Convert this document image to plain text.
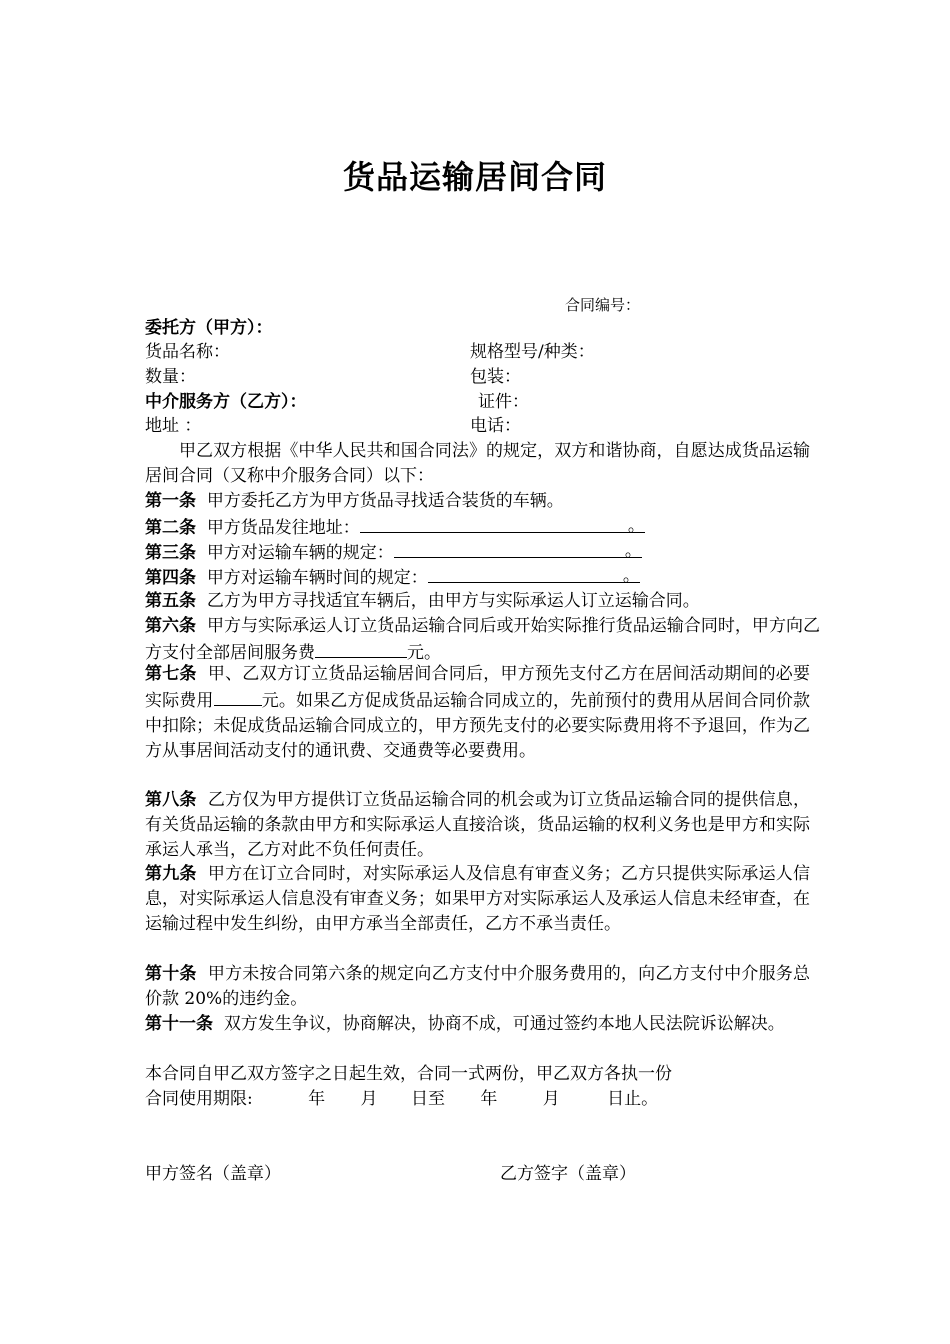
货品运输居间合同
合同编号：
委托方（甲方）：
货品名称：	规格型号/种类：
数量：	包装：
中介服务方（乙方）：	证件：
地址 ：	电话：
甲乙双方根据《中华人民共和国合同法》的规定，双方和谐协商，自愿达成货品运输居间合同（又称中介服务合同）以下：
第一条 甲方委托乙方为甲方货品寻找适合装货的车辆。
第二条 甲方货品发往地址：	。
第三条 甲方对运输车辆的规定：	。
第四条 甲方对运输车辆时间的规定：	。
第五条 乙方为甲方寻找适宜车辆后，由甲方与实际承运人订立运输合同。
第六条 甲方与实际承运人订立货品运输合同后或开始实际推行货品运输合同时，甲方向乙方支付全部居间服务费	元。
第七条 甲、乙双方订立货品运输居间合同后，甲方预先支付乙方在居间活动期间的必要实际费用	元。如果乙方促成货品运输合同成立的，先前预付的费用从居间合同价款中扣除；未促成货品运输合同成立的，甲方预先支付的必要实际费用将不予退回，作为乙方从事居间活动支付的通讯费、交通费等必要费用。
第八条 乙方仅为甲方提供订立货品运输合同的机会或为订立货品运输合同的提供信息，有关货品运输的条款由甲方和实际承运人直接洽谈，货品运输的权利义务也是甲方和实际承运人承当，乙方对此不负任何责任。
第九条 甲方在订立合同时，对实际承运人及信息有审查义务；乙方只提供实际承运人信息，对实际承运人信息没有审查义务；如果甲方对实际承运人及承运人信息未经审查，在运输过程中发生纠纷，由甲方承当全部责任，乙方不承当责任。
第十条 甲方未按合同第六条的规定向乙方支付中介服务费用的，向乙方支付中介服务总价款 20%的违约金。
第十一条 双方发生争议，协商解决，协商不成，可通过签约本地人民法院诉讼解决。
本合同自甲乙双方签字之日起生效，合同一式两份，甲乙双方各执一份
合同使用期限:	年 月 日至 年	月	日止。
甲方签名（盖章）	乙方签字（盖章）
